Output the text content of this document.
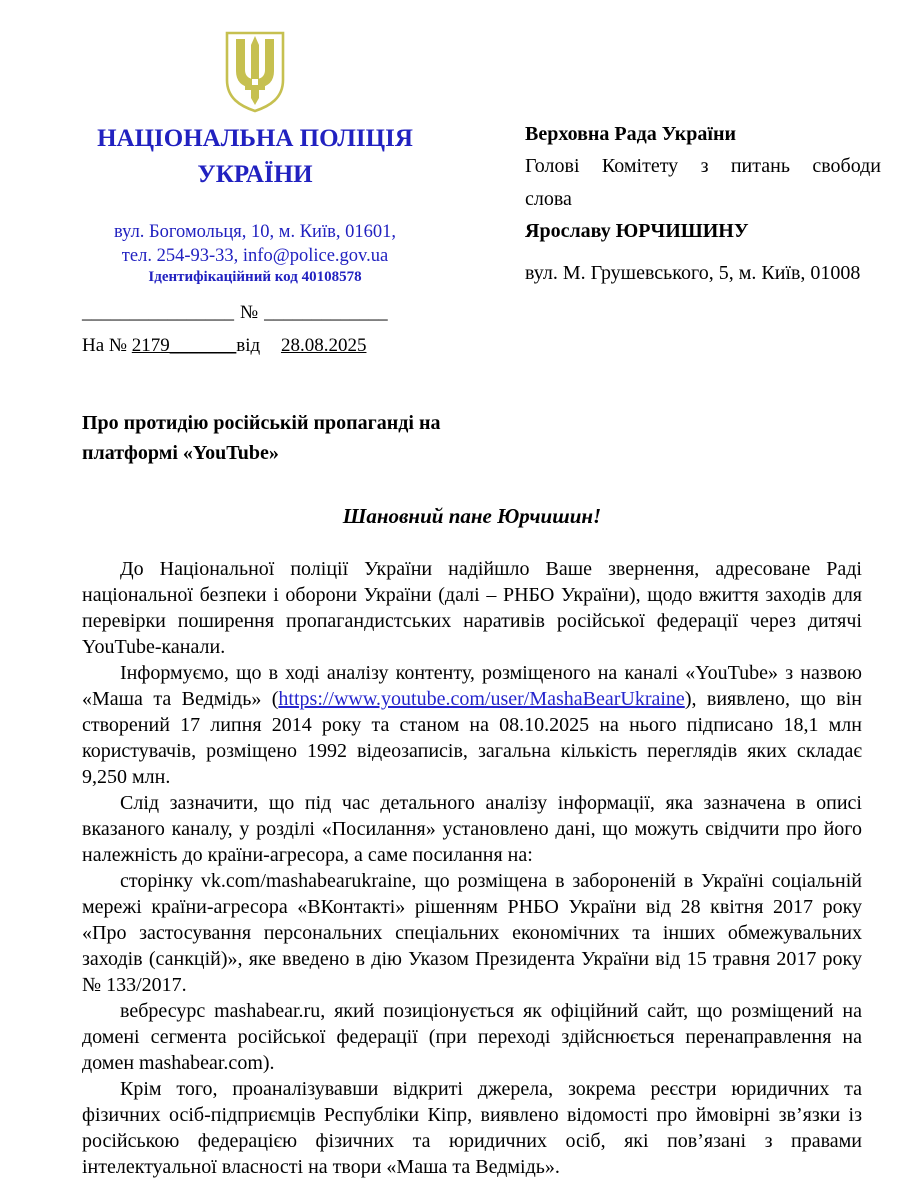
НАЦІОНАЛЬНА ПОЛІЦІЯ
УКРАЇНИ
вул. Богомольця, 10, м. Київ, 01601,
тел. 254-93-33, info@police.gov.ua
Ідентифікаційний код 40108578
Верховна Рада України
Голові Комітету з питань свободи
слова
Ярославу ЮРЧИШИНУ
вул. М. Грушевського, 5, м. Київ, 01008
________________ № _____________
На № 2179_______від 28.08.2025
Про протидію російській пропаганді на платформі «YouTube»
Шановний пане Юрчишин!

До Національної поліції України надійшло Ваше звернення, адресоване Раді національної безпеки і оборони України (далі – РНБО України), щодо вжиття заходів для перевірки поширення пропагандистських наративів російської федерації через дитячі YouTube-канали.

Інформуємо, що в ході аналізу контенту, розміщеного на каналі «YouTube» з назвою «Маша та Ведмідь» (https://www.youtube.com/user/MashaBearUkraine), виявлено, що він створений 17 липня 2014 року та станом на 08.10.2025 на нього підписано 18,1 млн користувачів, розміщено 1992 відеозаписів, загальна кількість переглядів яких складає 9,250 млн.

Слід зазначити, що під час детального аналізу інформації, яка зазначена в описі вказаного каналу, у розділі «Посилання» установлено дані, що можуть свідчити про його належність до країни-агресора, а саме посилання на:

сторінку vk.com/mashabearukraine, що розміщена в забороненій в Україні соціальній мережі країни-агресора «ВКонтакті» рішенням РНБО України від 28 квітня 2017 року «Про застосування персональних спеціальних економічних та інших обмежувальних заходів (санкцій)», яке введено в дію Указом Президента України від 15 травня 2017 року № 133/2017.

вебресурс mashabear.ru, який позиціонується як офіційний сайт, що розміщений на домені сегмента російської федерації (при переході здійснюється перенаправлення на домен mashabear.com).

Крім того, проаналізувавши відкриті джерела, зокрема реєстри юридичних та фізичних осіб-підприємців Республіки Кіпр, виявлено відомості про ймовірні зв’язки із російською федерацією фізичних та юридичних осіб, які пов’язані з правами інтелектуальної власності на твори «Маша та Ведмідь».
